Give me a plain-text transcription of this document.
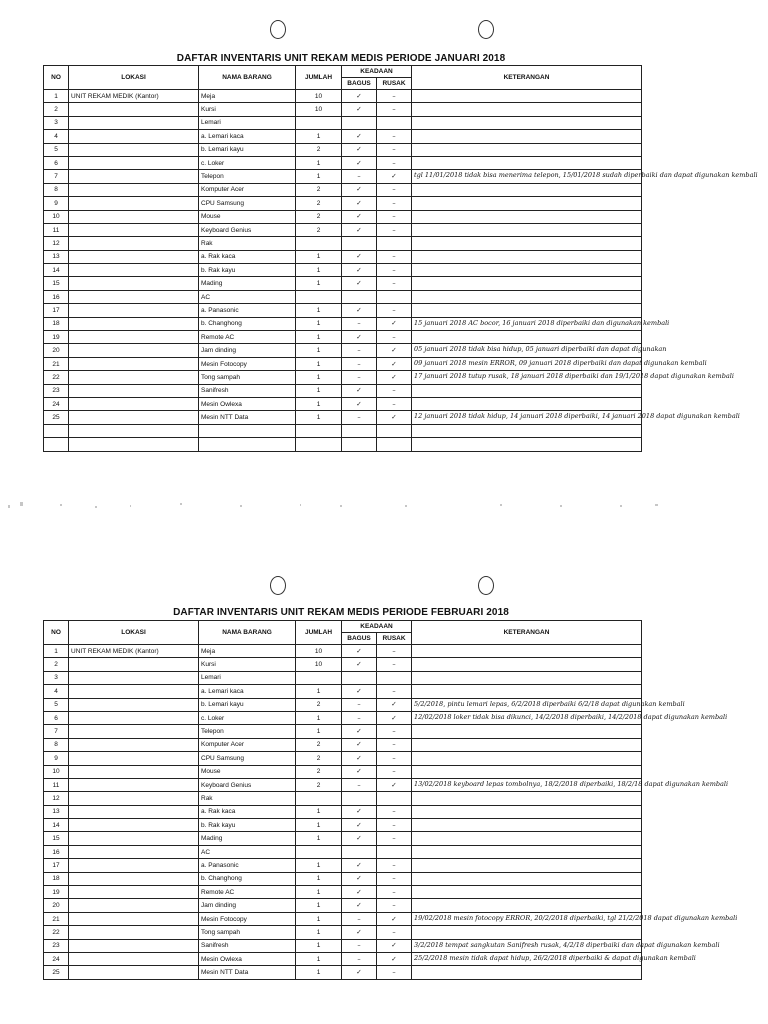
DAFTAR INVENTARIS UNIT REKAM MEDIS PERIODE JANUARI 2018
NO	LOKASI	NAMA BARANG	JUMLAH	KEADAAN		KETERANGAN
				BAGUS	RUSAK	
1	UNIT REKAM MEDIK (Kantor)	Meja	10	✓	–	

2		Kursi	10	✓	–	

3		Lemari				

4		a. Lemari kaca	1	✓	–	

5		b. Lemari kayu	2	✓	–	

6		c. Loker	1	✓	–	

7		Telepon	1	–	✓	tgl 11/01/2018 tidak bisa menerima telepon, 15/01/2018 sudah diperbaiki dan dapat digunakan kembali

8		Komputer Acer	2	✓	–	

9		CPU Samsung	2	✓	–	

10		Mouse	2	✓	–	

11		Keyboard Genius	2	✓	–	

12		Rak				

13		a. Rak kaca	1	✓	–	

14		b. Rak kayu	1	✓	–	

15		Mading	1	✓	–	

16		AC				

17		a. Panasonic	1	✓	–	

18		b. Changhong	1	–	✓	15 januari 2018 AC bocor, 16 januari 2018 diperbaiki dan digunakan kembali

19		Remote AC	1	✓	–	

20		Jam dinding	1	–	✓	05 januari 2018 tidak bisa hidup, 05 januari diperbaiki dan dapat digunakan

21		Mesin Fotocopy	1	–	✓	09 januari 2018 mesin ERROR, 09 januari 2018 diperbaiki dan dapat digunakan kembali

22		Tong sampah	1	–	✓	17 januari 2018 tutup rusak, 18 januari 2018 diperbaiki dan 19/1/2018 dapat digunakan kembali

23		Sanifresh	1	✓	–	

24		Mesin Owlexa	1	✓	–	

25		Mesin NTT Data	1	–	✓	12 januari 2018 tidak hidup, 14 januari 2018 diperbaiki, 14 januari 2018 dapat digunakan kembali

DAFTAR INVENTARIS UNIT REKAM MEDIS PERIODE FEBRUARI 2018
NO	LOKASI	NAMA BARANG	JUMLAH	KEADAAN		KETERANGAN
				BAGUS	RUSAK	
1	UNIT REKAM MEDIK (Kantor)	Meja	10	✓	–	

2		Kursi	10	✓	–	

3		Lemari				

4		a. Lemari kaca	1	✓	–	

5		b. Lemari kayu	2	–	✓	5/2/2018, pintu lemari lepas, 6/2/2018 diperbaiki 6/2/18 dapat digunakan kembali

6		c. Loker	1	–	✓	12/02/2018 loker tidak bisa dikunci, 14/2/2018 diperbaiki, 14/2/2018 dapat digunakan kembali

7		Telepon	1	✓	–	

8		Komputer Acer	2	✓	–	

9		CPU Samsung	2	✓	–	

10		Mouse	2	✓	–	

11		Keyboard Genius	2	–	✓	13/02/2018 keyboard lepas tombolnya, 18/2/2018 diperbaiki, 18/2/18 dapat digunakan kembali

12		Rak				

13		a. Rak kaca	1	✓	–	

14		b. Rak kayu	1	✓	–	

15		Mading	1	✓	–	

16		AC				

17		a. Panasonic	1	✓	–	

18		b. Changhong	1	✓	–	

19		Remote AC	1	✓	–	

20		Jam dinding	1	✓	–	

21		Mesin Fotocopy	1	–	✓	19/02/2018 mesin fotocopy ERROR, 20/2/2018 diperbaiki, tgl 21/2/2018 dapat digunakan kembali

22		Tong sampah	1	✓	–	

23		Sanifresh	1	–	✓	3/2/2018 tempat sangkutan Sanifresh rusak, 4/2/18 diperbaiki dan dapat digunakan kembali

24		Mesin Owlexa	1	–	✓	25/2/2018 mesin tidak dapat hidup, 26/2/2018 diperbaiki & dapat digunakan kembali

25		Mesin NTT Data	1	✓	–	
